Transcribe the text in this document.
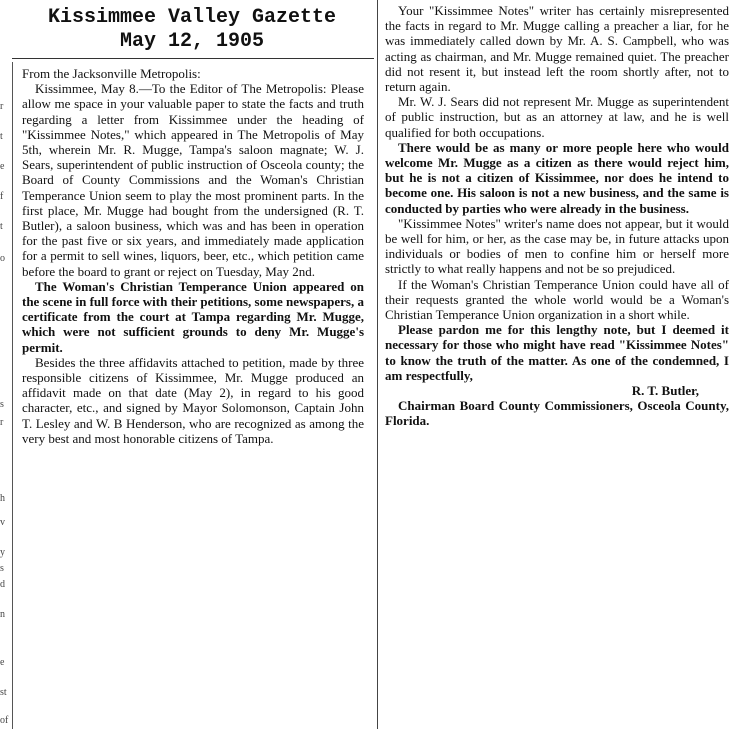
Kissimmee Valley Gazette
May 12, 1905
r
t
e
f
t
o
s
r
h
v
y
s
d
n
e
st
of

From the Jacksonville Metropolis:

Kissimmee, May 8.—To the Editor of The Metropolis: Please allow me space in your valuable paper to state the facts and truth regarding a letter from Kissimmee under the heading of "Kissimmee Notes," which appeared in The Metropolis of May 5th, wherein Mr. R. Mugge, Tampa's saloon magnate; W. J. Sears, superintendent of public instruction of Osceola county; the Board of County Commissions and the Woman's Christian Temperance Union seem to play the most prominent parts. In the first place, Mr. Mugge had bought from the undersigned (R. T. Butler), a saloon business, which was and has been in operation for the past five or six years, and immediately made application for a permit to sell wines, liquors, beer, etc., which petition came before the board to grant or reject on Tuesday, May 2nd.

The Woman's Christian Temperance Union appeared on the scene in full force with their petitions, some newspapers, a certificate from the court at Tampa regarding Mr. Mugge, which were not sufficient grounds to deny Mr. Mugge's permit.

Besides the three affidavits attached to petition, made by three responsible citizens of Kissimmee, Mr. Mugge produced an affidavit made on that date (May 2), in regard to his good character, etc., and signed by Mayor Solomonson, Captain John T. Lesley and W. B Henderson, who are recognized as among the very best and most honorable citizens of Tampa.

Your "Kissimmee Notes" writer has certainly misrepresented the facts in regard to Mr. Mugge calling a preacher a liar, for he was immediately called down by Mr. A. S. Campbell, who was acting as chairman, and Mr. Mugge remained quiet. The preacher did not resent it, but instead left the room shortly after, not to return again.

Mr. W. J. Sears did not represent Mr. Mugge as superintendent of public instruction, but as an attorney at law, and he is well qualified for both occupations.

There would be as many or more people here who would welcome Mr. Mugge as a citizen as there would reject him, but he is not a citizen of Kissimmee, nor does he intend to become one. His saloon is not a new business, and the same is conducted by parties who were already in the business.

"Kissimmee Notes" writer's name does not appear, but it would be well for him, or her, as the case may be, in future attacks upon individuals or bodies of men to confine him or herself more strictly to what really happens and not be so prejudiced.

If the Woman's Christian Temperance Union could have all of their requests granted the whole world would be a Woman's Christian Temperance Union organization in a short while.

Please pardon me for this lengthy note, but I deemed it necessary for those who might have read "Kissimmee Notes" to know the truth of the matter. As one of the condemned, I am respectfully,

R. T. Butler,

Chairman Board County Commissioners, Osceola County, Florida.
